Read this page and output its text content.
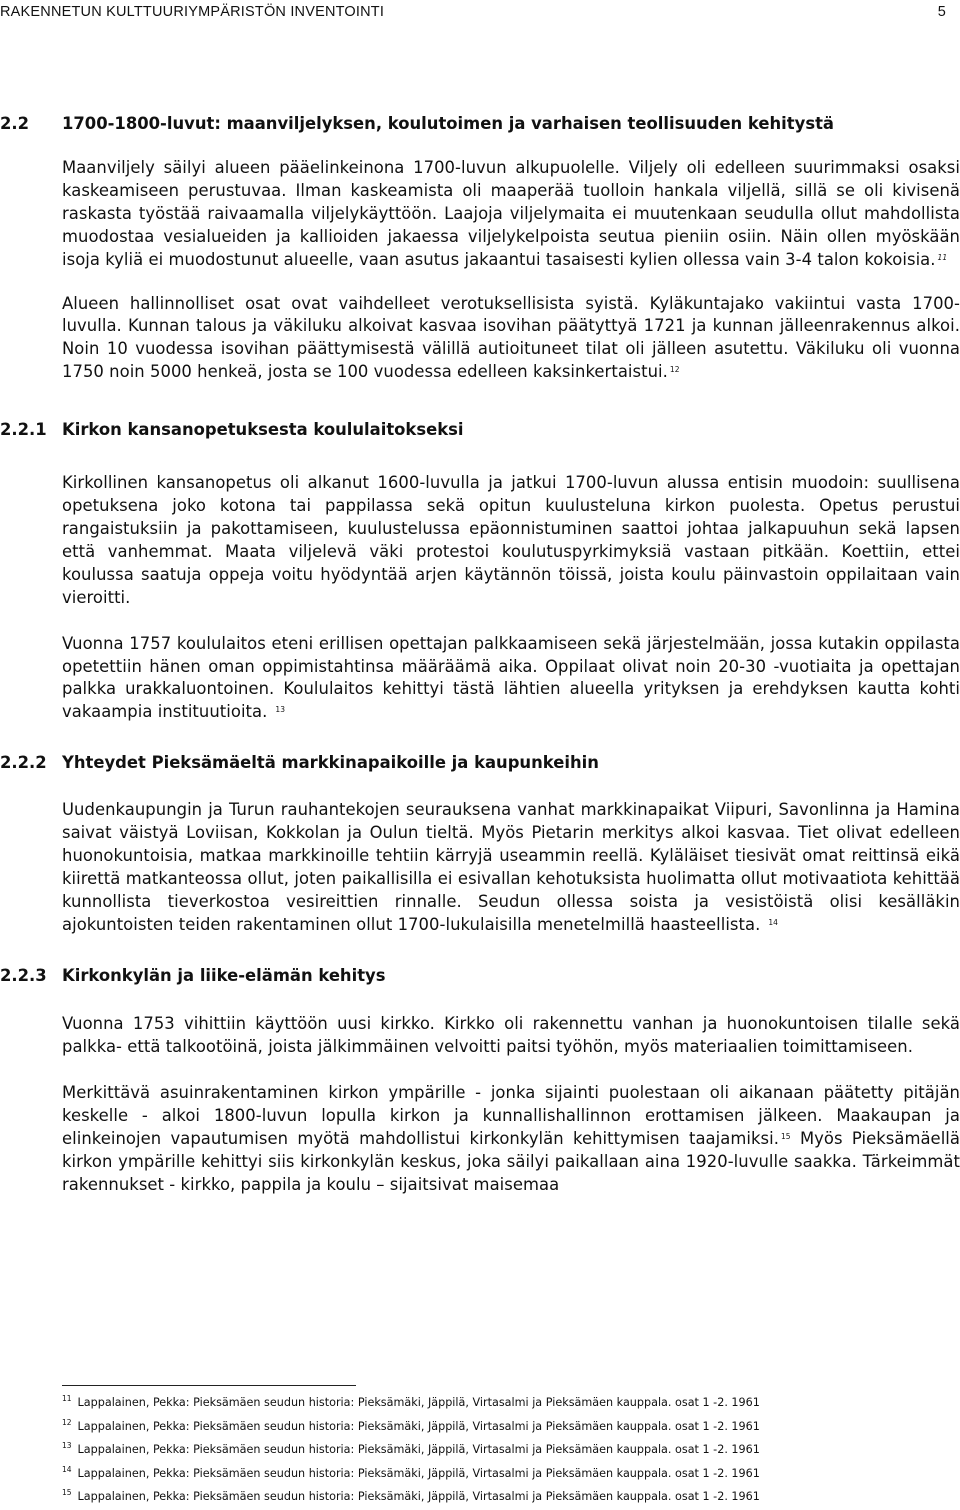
RAKENNETUN KULTTUURIYMPÄRISTÖN INVENTOINTI	5
2.2 1700-1800-luvut: maanviljelyksen, koulutoimen ja varhaisen teollisuuden kehitystä

Maanviljely säilyi alueen pääelinkeinona 1700-luvun alkupuolelle. Viljely oli edelleen suurimmaksi osaksi kaskeamiseen perustuvaa. Ilman kaskeamista oli maaperää tuolloin hankala viljellä, sillä se oli kivisenä raskasta työstää raivaamalla viljelykäyttöön. Laajoja viljelymaita ei muutenkaan seudulla ollut mahdollista muodostaa vesialueiden ja kallioiden jakaessa viljelykelpoista seutua pieniin osiin. Näin ollen myöskään isoja kyliä ei muodostunut alueelle, vaan asutus jakaantui tasaisesti kylien ollessa vain 3-4 talon kokoisia. $^{11}$

Alueen hallinnolliset osat ovat vaihdelleet verotuksellisista syistä. Kyläkuntajako vakiintui vasta 1700-luvulla. Kunnan talous ja väkiluku alkoivat kasvaa isovihan päätyttyä 1721 ja kunnan jälleenrakennus alkoi. Noin 10 vuodessa isovihan päättymisestä välillä autioituneet tilat oli jälleen asutettu. Väkiluku oli vuonna 1750 noin 5000 henkeä, josta se 100 vuodessa edelleen kaksinkertaistui. $^{12}$

2.2.1 Kirkon kansanopetuksesta koululaitokseksi

Kirkollinen kansanopetus oli alkanut 1600-luvulla ja jatkui 1700-luvun alussa entisin muodoin: suullisena opetuksena joko kotona tai pappilassa sekä opitun kuulusteluna kirkon puolesta. Opetus perustui rangaistuksiin ja pakottamiseen, kuulustelussa epäonnistuminen saattoi johtaa jalkapuuhun sekä lapsen että vanhemmat. Maata viljelevä väki protestoi koulutuspyrkimyksiä vastaan pitkään. Koettiin, ettei koulussa saatuja oppeja voitu hyödyntää arjen käytännön töissä, joista koulu päinvastoin oppilaitaan vain vieroitti.

Vuonna 1757 koululaitos eteni erillisen opettajan palkkaamiseen sekä järjestelmään, jossa kutakin oppilasta opetettiin hänen oman oppimistahtinsa määräämä aika. Oppilaat olivat noin 20-30 -vuotiaita ja opettajan palkka urakkaluontoinen. Koululaitos kehittyi tästä lähtien alueella yrityksen ja erehdyksen kautta kohti vakaampia instituutioita. $^{13}$

2.2.2 Yhteydet Pieksämäeltä markkinapaikoille ja kaupunkeihin

Uudenkaupungin ja Turun rauhantekojen seurauksena vanhat markkinapaikat Viipuri, Savonlinna ja Hamina saivat väistyä Loviisan, Kokkolan ja Oulun tieltä. Myös Pietarin merkitys alkoi kasvaa. Tiet olivat edelleen huonokuntoisia, matkaa markkinoille tehtiin kärryjä useammin reellä. Kyläläiset tiesivät omat reittinsä eikä kiirettä matkanteossa ollut, joten paikallisilla ei esivallan kehotuksista huolimatta ollut motivaatiota kehittää kunnollista tieverkostoa vesireittien rinnalle. Seudun ollessa soista ja vesistöistä olisi kesälläkin ajokuntoisten teiden rakentaminen ollut 1700-lukulaisilla menetelmillä haasteellista. $^{14}$

2.2.3 Kirkonkylän ja liike-elämän kehitys

Vuonna 1753 vihittiin käyttöön uusi kirkko. Kirkko oli rakennettu vanhan ja huonokuntoisen tilalle sekä palkka- että talkootöinä, joista jälkimmäinen velvoitti paitsi työhön, myös materiaalien toimittamiseen.

Merkittävä asuinrakentaminen kirkon ympärille - jonka sijainti puolestaan oli aikanaan päätetty pitäjän keskelle - alkoi 1800-luvun lopulla kirkon ja kunnallishallinnon erottamisen jälkeen. Maakaupan ja elinkeinojen vapautumisen myötä mahdollistui kirkonkylän kehittymisen taajamiksi. $^{15}$ Myös Pieksämäellä kirkon ympärille kehittyi siis kirkonkylän keskus, joka säilyi paikallaan aina 1920-luvulle saakka. Tärkeimmät rakennukset - kirkko, pappila ja koulu – sijaitsivat maisemaa

$^{11}$ Lappalainen, Pekka: Pieksämäen seudun historia: Pieksämäki, Jäppilä, Virtasalmi ja Pieksämäen kauppala. osat 1 -2. 1961
$^{12}$ Lappalainen, Pekka: Pieksämäen seudun historia: Pieksämäki, Jäppilä, Virtasalmi ja Pieksämäen kauppala. osat 1 -2. 1961
$^{13}$ Lappalainen, Pekka: Pieksämäen seudun historia: Pieksämäki, Jäppilä, Virtasalmi ja Pieksämäen kauppala. osat 1 -2. 1961
$^{14}$ Lappalainen, Pekka: Pieksämäen seudun historia: Pieksämäki, Jäppilä, Virtasalmi ja Pieksämäen kauppala. osat 1 -2. 1961
$^{15}$ Lappalainen, Pekka: Pieksämäen seudun historia: Pieksämäki, Jäppilä, Virtasalmi ja Pieksämäen kauppala. osat 1 -2. 1961
